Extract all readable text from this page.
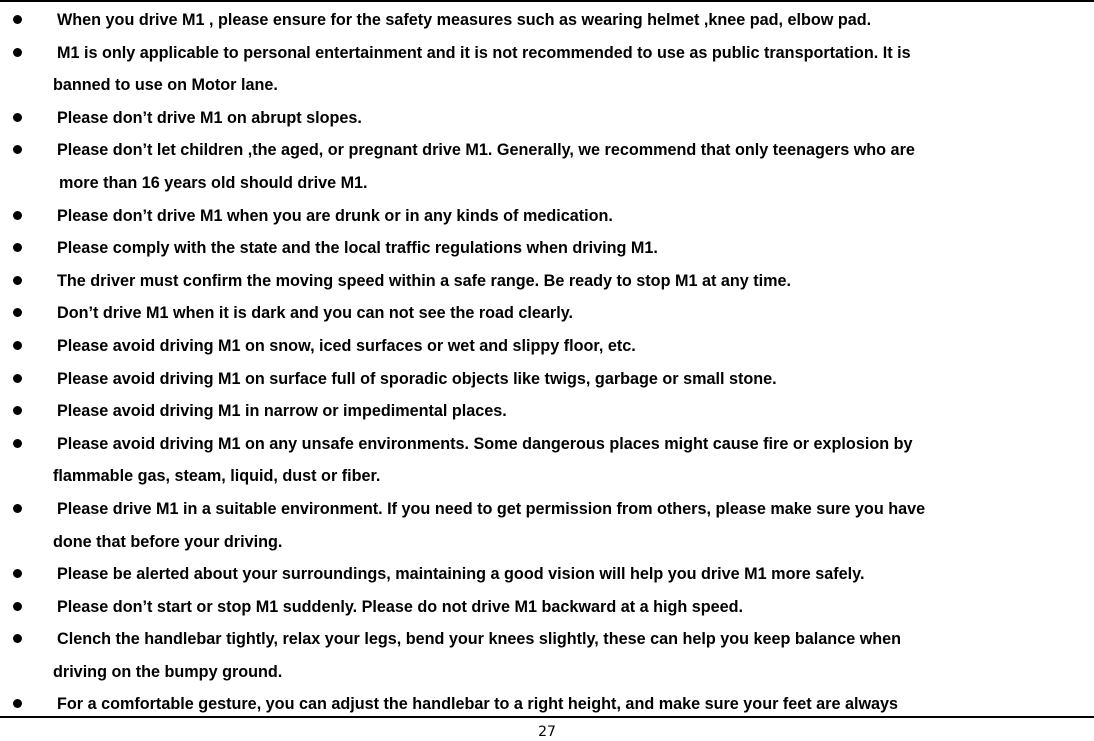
When you drive M1 , please ensure for the safety measures such as wearing helmet ,knee pad, elbow pad.
M1 is only applicable to personal entertainment and it is not recommended to use as public transportation. It is
banned to use on Motor lane.
Please don’t drive M1 on abrupt slopes.
Please don’t let children ,the aged, or pregnant drive M1. Generally, we recommend that only teenagers who are
more than 16 years old should drive M1.
Please don’t drive M1 when you are drunk or in any kinds of medication.
Please comply with the state and the local traffic regulations when driving M1.
The driver must confirm the moving speed within a safe range. Be ready to stop M1 at any time.
Don’t drive M1 when it is dark and you can not see the road clearly.
Please avoid driving M1 on snow, iced surfaces or wet and slippy floor, etc.
Please avoid driving M1 on surface full of sporadic objects like twigs, garbage or small stone.
Please avoid driving M1 in narrow or impedimental places.
Please avoid driving M1 on any unsafe environments. Some dangerous places might cause fire or explosion by
flammable gas, steam, liquid, dust or fiber.
Please drive M1 in a suitable environment. If you need to get permission from others, please make sure you have
done that before your driving.
Please be alerted about your surroundings, maintaining a good vision will help you drive M1 more safely.
Please don’t start or stop M1 suddenly. Please do not drive M1 backward at a high speed.
Clench the handlebar tightly, relax your legs, bend your knees slightly, these can help you keep balance when
driving on the bumpy ground.
For a comfortable gesture, you can adjust the handlebar to a right height, and make sure your feet are always
27
